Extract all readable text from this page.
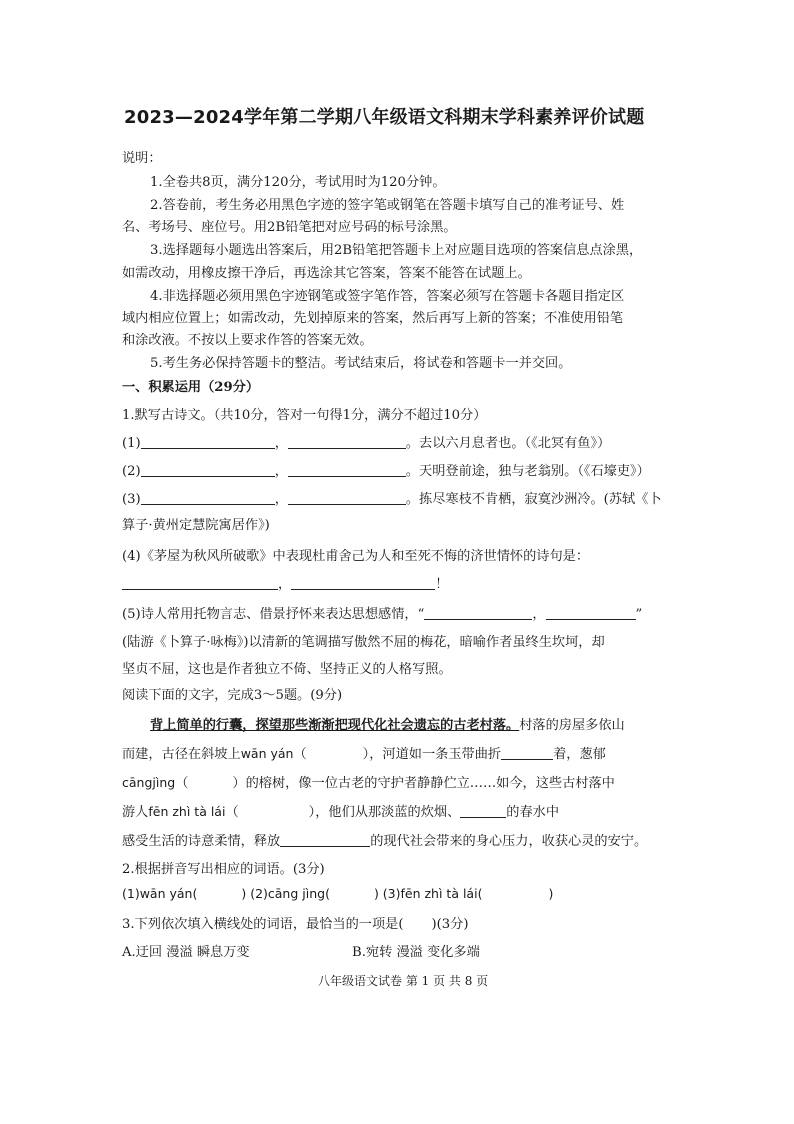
2023—2024学年第二学期八年级语文科期末学科素养评价试题
说明：
1.全卷共8页，满分120分，考试用时为120分钟。
2.答卷前，考生务必用黑色字迹的签字笔或钢笔在答题卡填写自己的准考证号、姓
名、考场号、座位号。用2B铅笔把对应号码的标号涂黑。
3.选择题每小题选出答案后，用2B铅笔把答题卡上对应题目选项的答案信息点涂黑，
如需改动，用橡皮擦干净后，再选涂其它答案，答案不能答在试题上。
4.非选择题必须用黑色字迹钢笔或签字笔作答，答案必须写在答题卡各题目指定区
域内相应位置上；如需改动，先划掉原来的答案，然后再写上新的答案；不准使用铅笔
和涂改液。不按以上要求作答的答案无效。
5.考生务必保持答题卡的整洁。考试结束后，将试卷和答题卡一并交回。
一、积累运用（29分）
1.默写古诗文。（共10分，答对一句得1分，满分不超过10分）
(1)	，	。去以六月息者也。（《北冥有鱼》）
(2)	，	。天明登前途，独与老翁别。（《石壕吏》）
(3)	，	。拣尽寒枝不肯栖，寂寞沙洲冷。(苏轼《卜
算子·黄州定慧院寓居作》)
(4)《茅屋为秋风所破歌》中表现杜甫舍己为人和至死不悔的济世情怀的诗句是：
，	！
(5)诗人常用托物言志、借景抒怀来表达思想感情，“	，	”
(陆游《卜算子·咏梅》)以清新的笔调描写傲然不屈的梅花，暗喻作者虽终生坎坷，却
坚贞不屈，这也是作者独立不倚、坚持正义的人格写照。
阅读下面的文字，完成3～5题。(9分)
背上简单的行囊，探望那些渐渐把现代化社会遗忘的古老村落。村落的房屋多依山
而建，古径在斜坡上wān yán（	），河道如一条玉带曲折	着，葱郁
cāngjìng（	）的榕树，像一位古老的守护者静静伫立……如今，这些古村落中
游人fēn zhì tà lái（	），他们从那淡蓝的炊烟、	的春水中
感受生活的诗意柔情，释放	的现代社会带来的身心压力，收获心灵的安宁。
2.根据拼音写出相应的词语。(3分)
(1)wān yán(	) (2)cāng jìng(	) (3)fēn zhì tà lái(	)
3.下列依次填入横线处的词语，最恰当的一项是( )(3分)
A.迂回 漫溢 瞬息万变	B.宛转 漫溢 变化多端
八年级语文试卷 第 1 页 共 8 页
